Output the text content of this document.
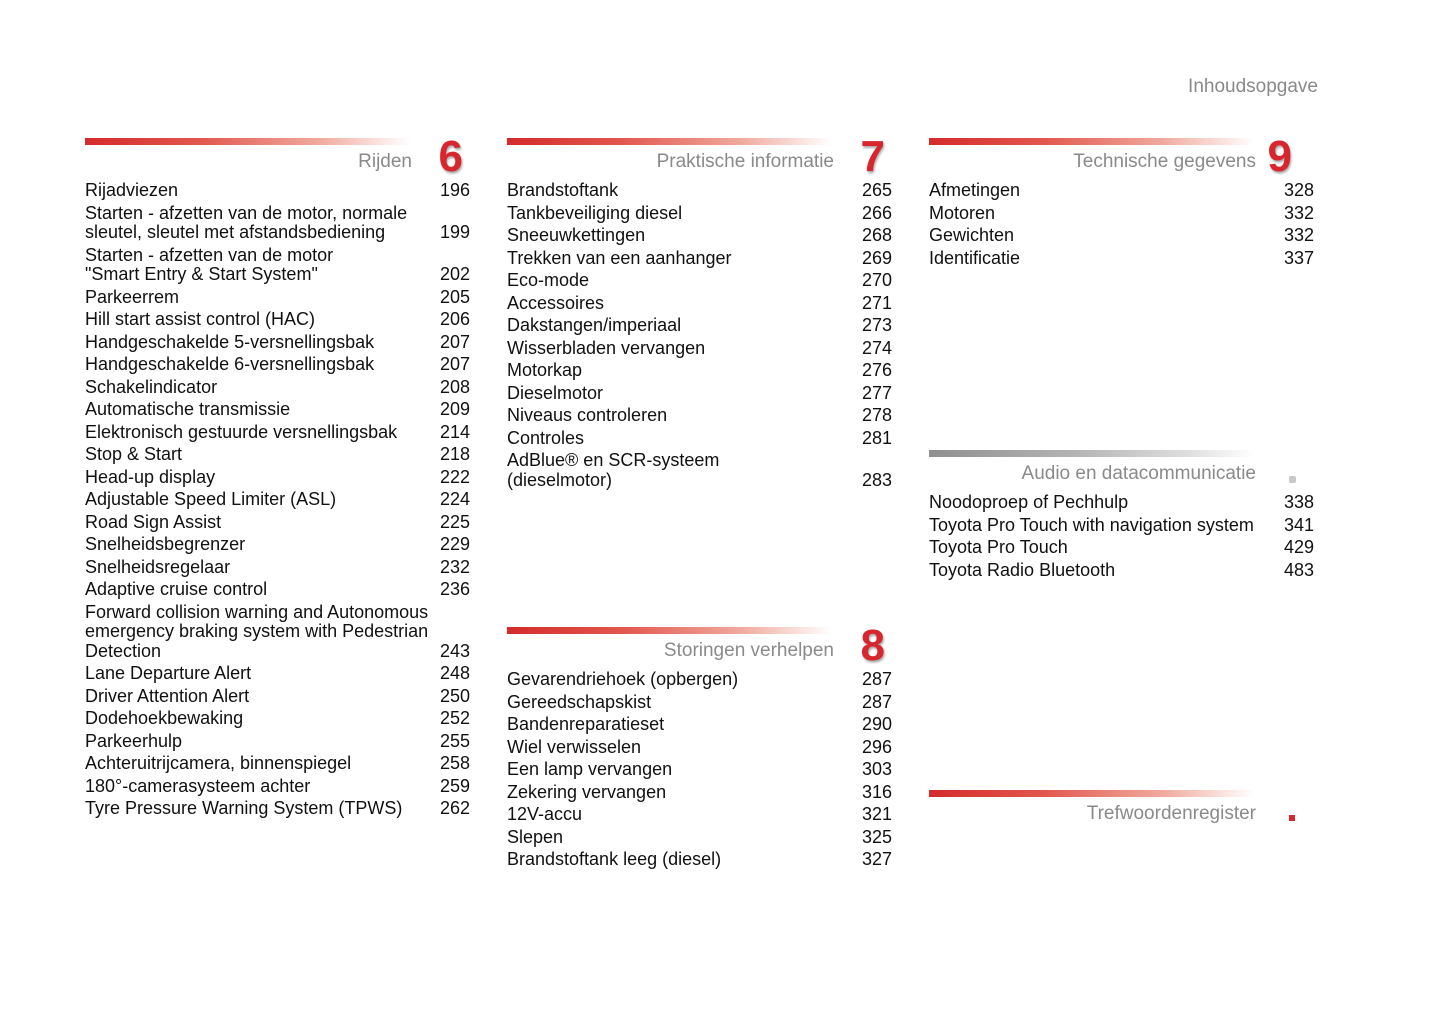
Inhoudsopgave
Rijden 6
Rijadviezen	196
Starten - afzetten van de motor, normale
sleutel, sleutel met afstandsbediening	199
Starten - afzetten van de motor
"Smart Entry & Start System"	202
Parkeerrem	205
Hill start assist control (HAC)	206
Handgeschakelde 5-versnellingsbak	207
Handgeschakelde 6-versnellingsbak	207
Schakelindicator	208
Automatische transmissie	209
Elektronisch gestuurde versnellingsbak	214
Stop & Start	218
Head-up display	222
Adjustable Speed Limiter (ASL)	224
Road Sign Assist	225
Snelheidsbegrenzer	229
Snelheidsregelaar	232
Adaptive cruise control	236
Forward collision warning and Autonomous
emergency braking system with Pedestrian
Detection	243
Lane Departure Alert	248
Driver Attention Alert	250
Dodehoekbewaking	252
Parkeerhulp	255
Achteruitrijcamera, binnenspiegel	258
180°-camerasysteem achter	259
Tyre Pressure Warning System (TPWS)	262
Praktische informatie 7
Brandstoftank	265
Tankbeveiliging diesel	266
Sneeuwkettingen	268
Trekken van een aanhanger	269
Eco-mode	270
Accessoires	271
Dakstangen/imperiaal	273
Wisserbladen vervangen	274
Motorkap	276
Dieselmotor	277
Niveaus controleren	278
Controles	281
AdBlue® en SCR-systeem
(dieselmotor)	283
Storingen verhelpen 8
Gevarendriehoek (opbergen)	287
Gereedschapskist	287
Bandenreparatieset	290
Wiel verwisselen	296
Een lamp vervangen	303
Zekering vervangen	316
12V-accu	321
Slepen	325
Brandstoftank leeg (diesel)	327
Technische gegevens 9
Afmetingen	328
Motoren	332
Gewichten	332
Identificatie	337
Audio en datacommunicatie
Noodoproep of Pechhulp	338
Toyota Pro Touch with navigation system	341
Toyota Pro Touch	429
Toyota Radio Bluetooth	483
Trefwoordenregister
